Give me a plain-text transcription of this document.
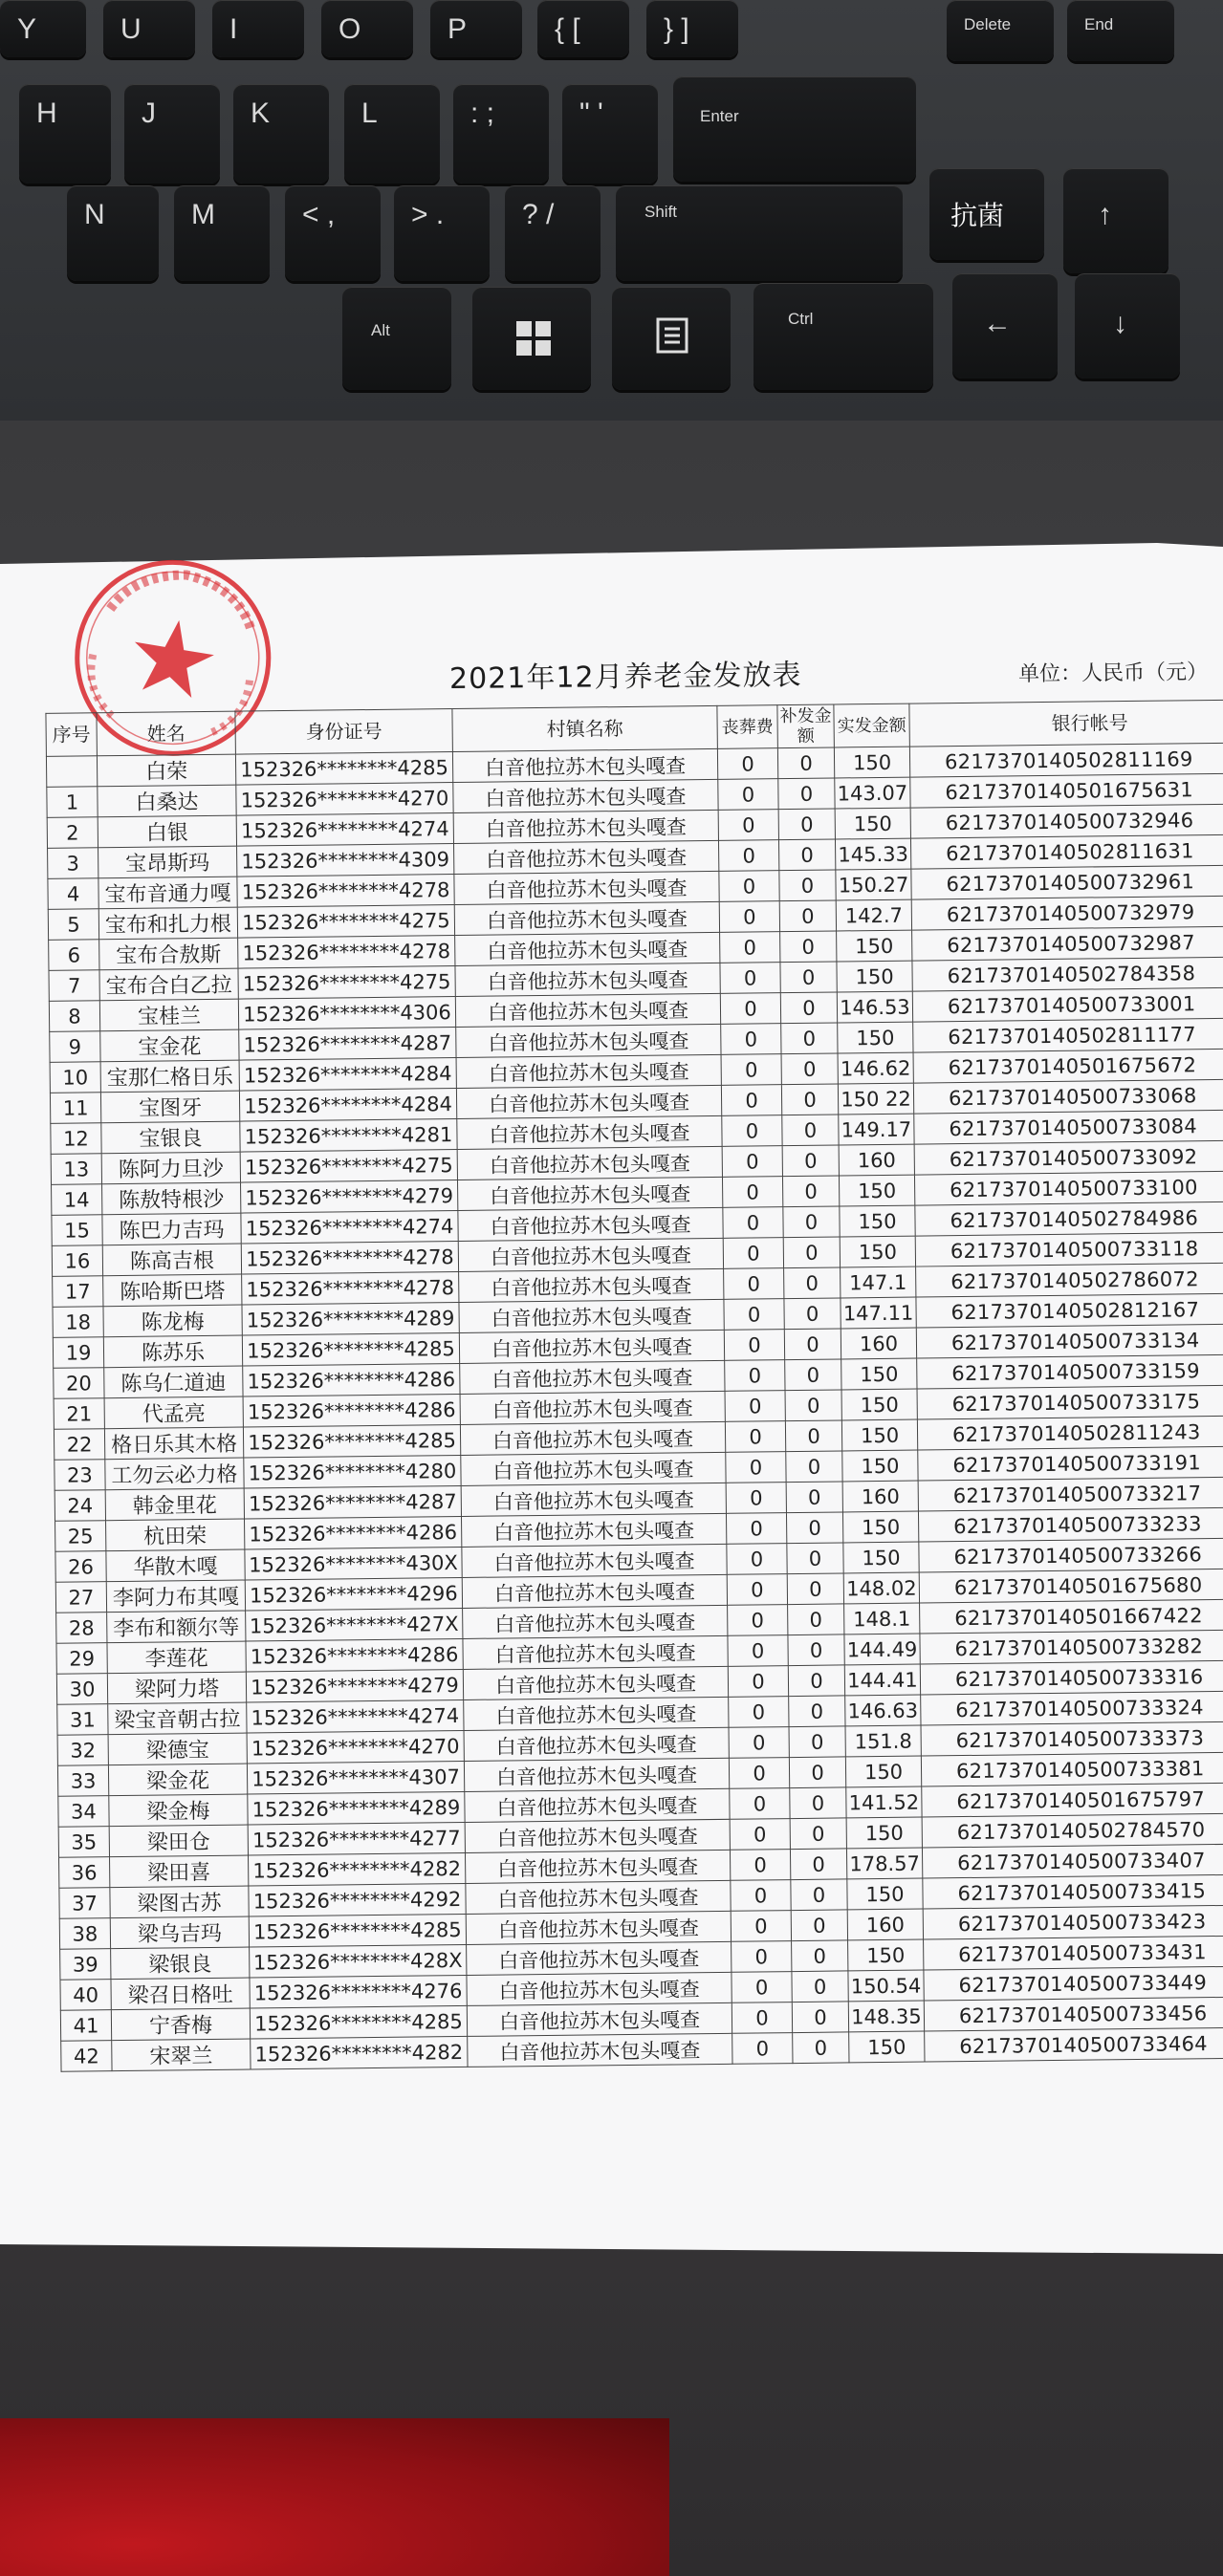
Y	U	I	O	P	{ [	} ]	Delete	End
H	J	K	L	: ;	" '	Enter
N	M	< ,	> .	? /	Shift	抗菌	↑
Alt
Ctrl	←	↓
2021年12月养老金发放表	单位：人民币（元）
序号	姓名	身份证号	村镇名称	丧葬费	补发金额	实发金额	银行帐号
	白荣	152326********4285	白音他拉苏木包头嘎查	0	0	150	6217370140502811169
1	白桑达	152326********4270	白音他拉苏木包头嘎查	0	0	143.07	6217370140501675631
2	白银	152326********4274	白音他拉苏木包头嘎查	0	0	150	6217370140500732946
3	宝昂斯玛	152326********4309	白音他拉苏木包头嘎查	0	0	145.33	6217370140502811631
4	宝布音通力嘎	152326********4278	白音他拉苏木包头嘎查	0	0	150.27	6217370140500732961
5	宝布和扎力根	152326********4275	白音他拉苏木包头嘎查	0	0	142.7	6217370140500732979
6	宝布合敖斯	152326********4278	白音他拉苏木包头嘎查	0	0	150	6217370140500732987
7	宝布合白乙拉	152326********4275	白音他拉苏木包头嘎查	0	0	150	6217370140502784358
8	宝桂兰	152326********4306	白音他拉苏木包头嘎查	0	0	146.53	6217370140500733001
9	宝金花	152326********4287	白音他拉苏木包头嘎查	0	0	150	6217370140502811177
10	宝那仁格日乐	152326********4284	白音他拉苏木包头嘎查	0	0	146.62	6217370140501675672
11	宝图牙	152326********4284	白音他拉苏木包头嘎查	0	0	150 22	6217370140500733068
12	宝银良	152326********4281	白音他拉苏木包头嘎查	0	0	149.17	6217370140500733084
13	陈阿力旦沙	152326********4275	白音他拉苏木包头嘎查	0	0	160	6217370140500733092
14	陈敖特根沙	152326********4279	白音他拉苏木包头嘎查	0	0	150	6217370140500733100
15	陈巴力吉玛	152326********4274	白音他拉苏木包头嘎查	0	0	150	6217370140502784986
16	陈高吉根	152326********4278	白音他拉苏木包头嘎查	0	0	150	6217370140500733118
17	陈哈斯巴塔	152326********4278	白音他拉苏木包头嘎查	0	0	147.1	6217370140502786072
18	陈龙梅	152326********4289	白音他拉苏木包头嘎查	0	0	147.11	6217370140502812167
19	陈苏乐	152326********4285	白音他拉苏木包头嘎查	0	0	160	6217370140500733134
20	陈乌仁道迪	152326********4286	白音他拉苏木包头嘎查	0	0	150	6217370140500733159
21	代孟亮	152326********4286	白音他拉苏木包头嘎查	0	0	150	6217370140500733175
22	格日乐其木格	152326********4285	白音他拉苏木包头嘎查	0	0	150	6217370140502811243
23	工勿云必力格	152326********4280	白音他拉苏木包头嘎查	0	0	150	6217370140500733191
24	韩金里花	152326********4287	白音他拉苏木包头嘎查	0	0	160	6217370140500733217
25	杭田荣	152326********4286	白音他拉苏木包头嘎查	0	0	150	6217370140500733233
26	华散木嘎	152326********430X	白音他拉苏木包头嘎查	0	0	150	6217370140500733266
27	李阿力布其嘎	152326********4296	白音他拉苏木包头嘎查	0	0	148.02	6217370140501675680
28	李布和额尔等	152326********427X	白音他拉苏木包头嘎查	0	0	148.1	6217370140501667422
29	李莲花	152326********4286	白音他拉苏木包头嘎查	0	0	144.49	6217370140500733282
30	梁阿力塔	152326********4279	白音他拉苏木包头嘎查	0	0	144.41	6217370140500733316
31	梁宝音朝古拉	152326********4274	白音他拉苏木包头嘎查	0	0	146.63	6217370140500733324
32	梁德宝	152326********4270	白音他拉苏木包头嘎查	0	0	151.8	6217370140500733373
33	梁金花	152326********4307	白音他拉苏木包头嘎查	0	0	150	6217370140500733381
34	梁金梅	152326********4289	白音他拉苏木包头嘎查	0	0	141.52	6217370140501675797
35	梁田仓	152326********4277	白音他拉苏木包头嘎查	0	0	150	6217370140502784570
36	梁田喜	152326********4282	白音他拉苏木包头嘎查	0	0	178.57	6217370140500733407
37	梁图古苏	152326********4292	白音他拉苏木包头嘎查	0	0	150	6217370140500733415
38	梁乌吉玛	152326********4285	白音他拉苏木包头嘎查	0	0	160	6217370140500733423
39	梁银良	152326********428X	白音他拉苏木包头嘎查	0	0	150	6217370140500733431
40	梁召日格吐	152326********4276	白音他拉苏木包头嘎查	0	0	150.54	6217370140500733449
41	宁香梅	152326********4285	白音他拉苏木包头嘎查	0	0	148.35	6217370140500733456
42	宋翠兰	152326********4282	白音他拉苏木包头嘎查	0	0	150	6217370140500733464
